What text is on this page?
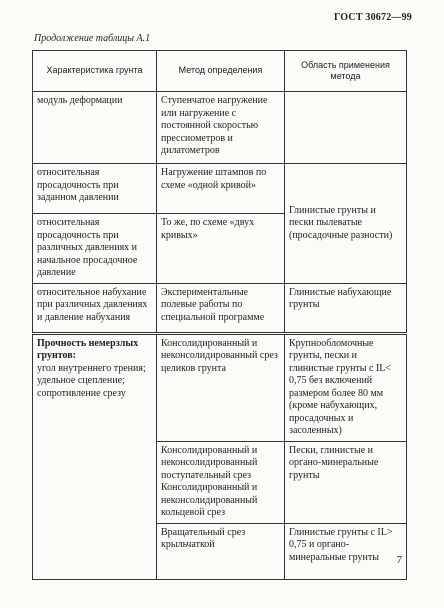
ГОСТ 30672—99
Продолжение таблицы А.1
Характеристика грунта	Метод определения	Область применения метода
модуль деформации	Ступенчатое нагружение или нагружение с постоянной скоростью прессиометров и дилатометров	
относительная просадочность при заданном давлении	Нагружение штампов по схеме «одной кривой»	Глинистые грунты и пески пылеватые (просадочные разности)
относительная просадочность при различных давлениях и начальное просадочное давление	То же, по схеме «двух кривых»	
относительное набухание при различных давлениях и давление набухания	Экспериментальные полевые работы по специальной программе	Глинистые набухающие грунты
Прочность немерзлых грунтов:
угол внутреннего трения; удельное сцепление; сопротивление срезу	Консолидированный и неконсолидированный срез целиков грунта	Крупнообломочные грунты, пески и глинистые грунты с IL< 0,75 без включений размером более 80 мм (кроме набухающих, просадочных и засоленных)
	Консолидированный и неконсолидированный поступательный срез Консолидированный и неконсолидированный кольцевой срез	Пески, глинистые и органо-минеральные грунты
	Вращательный срез крыльчаткой	Глинистые грунты с IL> 0,75 и органо-минеральные грунты 7
